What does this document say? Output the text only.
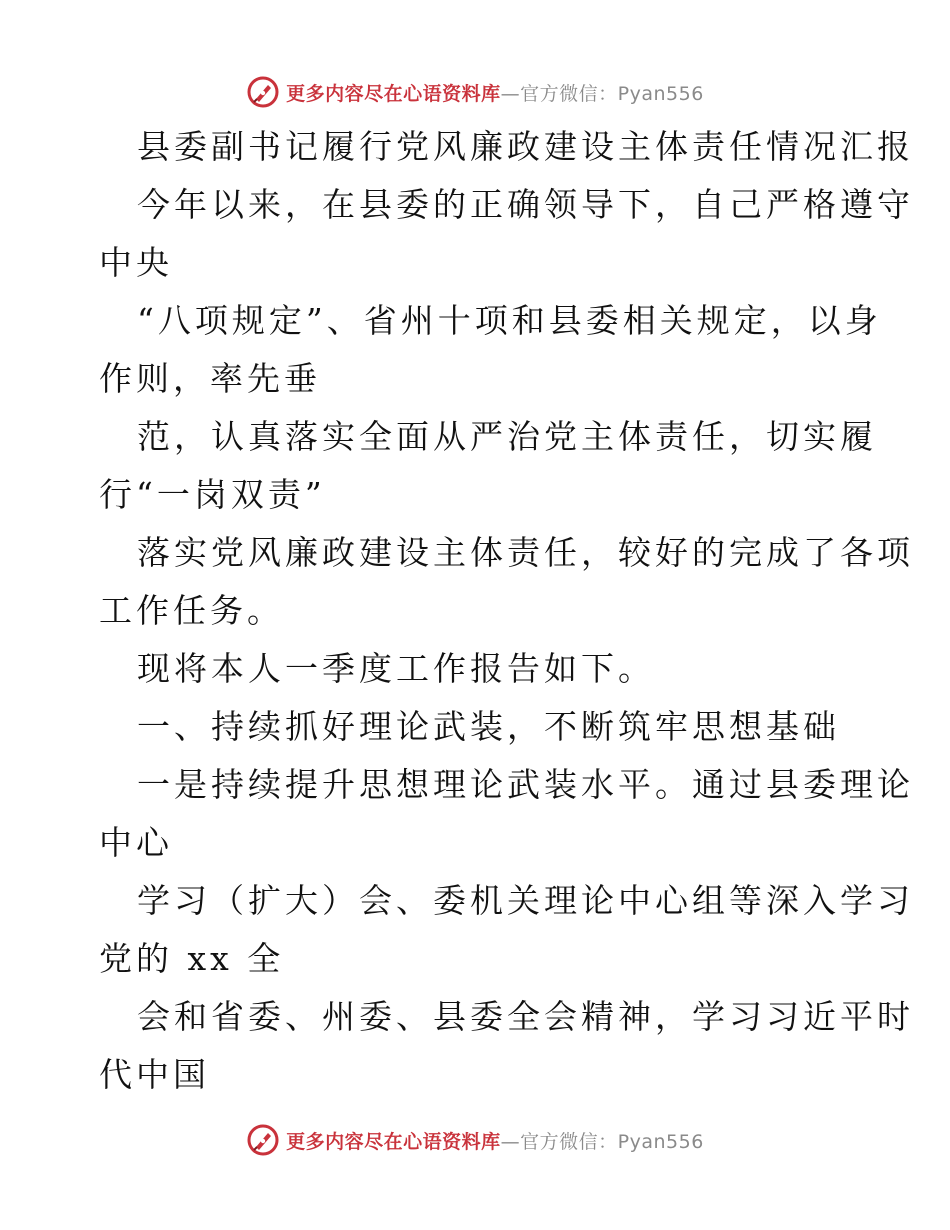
更多内容尽在心语资料库—官方微信：Pyan556
县委副书记履行党风廉政建设主体责任情况汇报
今年以来，在县委的正确领导下，自己严格遵守
中央
“八项规定”、省州十项和县委相关规定，以身
作则，率先垂
范，认真落实全面从严治党主体责任，切实履
行“一岗双责”
落实党风廉政建设主体责任，较好的完成了各项
工作任务。
现将本人一季度工作报告如下。
一、持续抓好理论武装，不断筑牢思想基础
一是持续提升思想理论武装水平。通过县委理论
中心
学习（扩大）会、委机关理论中心组等深入学习
党的 xx 全
会和省委、州委、县委全会精神，学习习近平时
代中国
更多内容尽在心语资料库—官方微信：Pyan556
